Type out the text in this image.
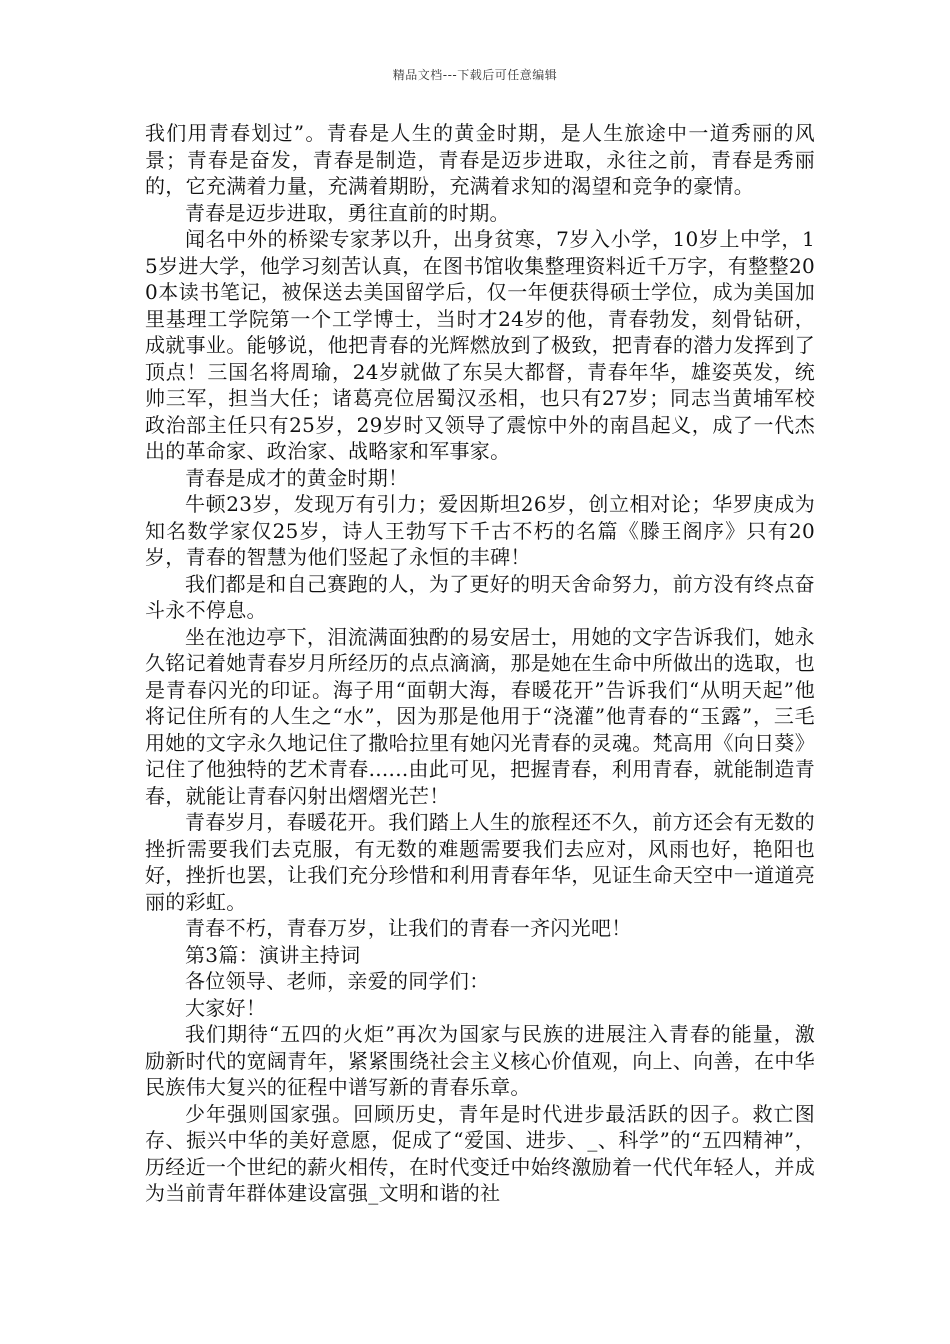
精品文档---下载后可任意编辑

我们用青春划过”。青春是人生的黄金时期，是人生旅途中一道秀丽的风景；青春是奋发，青春是制造，青春是迈步进取，永往之前，青春是秀丽的，它充满着力量，充满着期盼，充满着求知的渴望和竞争的豪情。

青春是迈步进取，勇往直前的时期。

闻名中外的桥梁专家茅以升，出身贫寒，7岁入小学，10岁上中学，15岁进大学，他学习刻苦认真，在图书馆收集整理资料近千万字，有整整200本读书笔记，被保送去美国留学后，仅一年便获得硕士学位，成为美国加里基理工学院第一个工学博士，当时才24岁的他，青春勃发，刻骨钻研，成就事业。能够说，他把青春的光辉燃放到了极致，把青春的潜力发挥到了顶点！三国名将周瑜，24岁就做了东吴大都督，青春年华，雄姿英发，统帅三军，担当大任；诸葛亮位居蜀汉丞相，也只有27岁；同志当黄埔军校政治部主任只有25岁，29岁时又领导了震惊中外的南昌起义，成了一代杰出的革命家、政治家、战略家和军事家。

青春是成才的黄金时期！

牛顿23岁，发现万有引力；爱因斯坦26岁，创立相对论；华罗庚成为知名数学家仅25岁，诗人王勃写下千古不朽的名篇《滕王阁序》只有20岁，青春的智慧为他们竖起了永恒的丰碑！

我们都是和自己赛跑的人，为了更好的明天舍命努力，前方没有终点奋斗永不停息。

坐在池边亭下，泪流满面独酌的易安居士，用她的文字告诉我们，她永久铭记着她青春岁月所经历的点点滴滴，那是她在生命中所做出的选取，也是青春闪光的印证。海子用“面朝大海，春暖花开”告诉我们“从明天起”他将记住所有的人生之“水”，因为那是他用于“浇灌”他青春的“玉露”，三毛用她的文字永久地记住了撒哈拉里有她闪光青春的灵魂。梵高用《向日葵》记住了他独特的艺术青春......由此可见，把握青春，利用青春，就能制造青春，就能让青春闪射出熠熠光芒！

青春岁月，春暖花开。我们踏上人生的旅程还不久，前方还会有无数的挫折需要我们去克服，有无数的难题需要我们去应对，风雨也好，艳阳也好，挫折也罢，让我们充分珍惜和利用青春年华，见证生命天空中一道道亮丽的彩虹。

青春不朽，青春万岁，让我们的青春一齐闪光吧！

第3篇：演讲主持词

各位领导、老师，亲爱的同学们：

大家好！

我们期待“五四的火炬”再次为国家与民族的进展注入青春的能量，激励新时代的宽阔青年，紧紧围绕社会主义核心价值观，向上、向善，在中华民族伟大复兴的征程中谱写新的青春乐章。

少年强则国家强。回顾历史，青年是时代进步最活跃的因子。救亡图存、振兴中华的美好意愿，促成了“爱国、进步、_、科学”的“五四精神”，历经近一个世纪的薪火相传，在时代变迁中始终激励着一代代年轻人，并成为当前青年群体建设富强_文明和谐的社
